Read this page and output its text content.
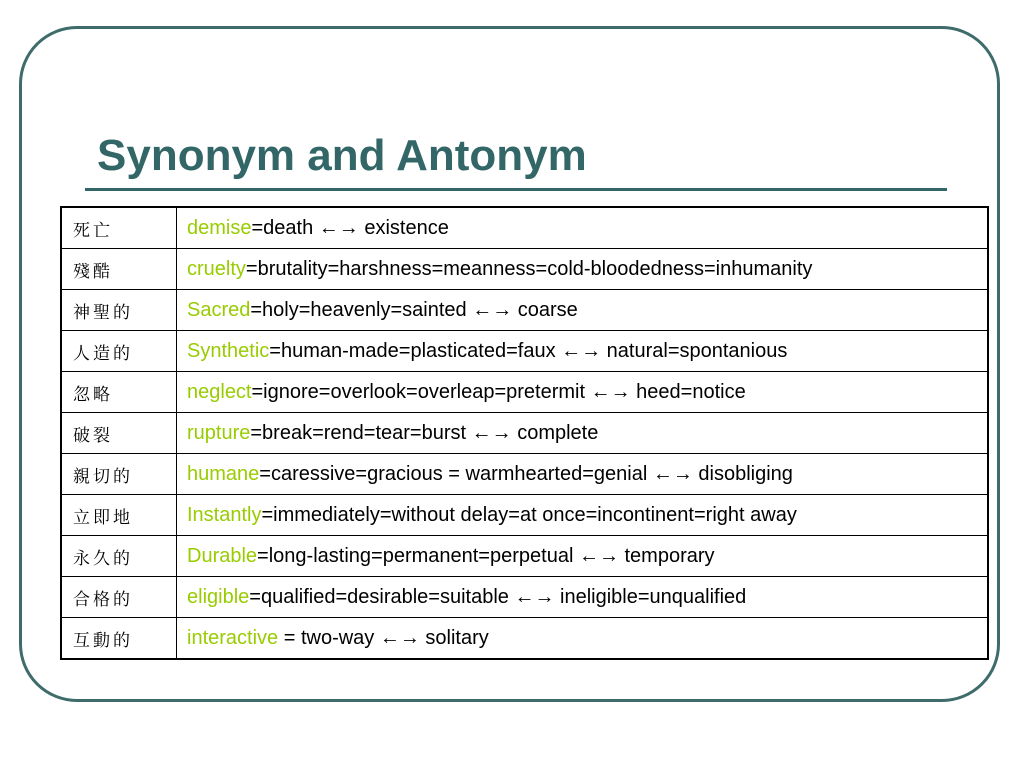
Synonym and Antonym
死亡	demise=death ←→ existence
殘酷	cruelty=brutality=harshness=meanness=cold-bloodedness=inhumanity
神聖的	Sacred=holy=heavenly=sainted ←→ coarse
人造的	Synthetic=human-made=plasticated=faux ←→ natural=spontanious
忽略	neglect=ignore=overlook=overleap=pretermit ←→ heed=notice
破裂	rupture=break=rend=tear=burst ←→ complete
親切的	humane=caressive=gracious = warmhearted=genial ←→ disobliging
立即地	Instantly=immediately=without delay=at once=incontinent=right away
永久的	Durable=long-lasting=permanent=perpetual ←→ temporary
合格的	eligible=qualified=desirable=suitable ←→ ineligible=unqualified
互動的	interactive = two-way ←→ solitary
